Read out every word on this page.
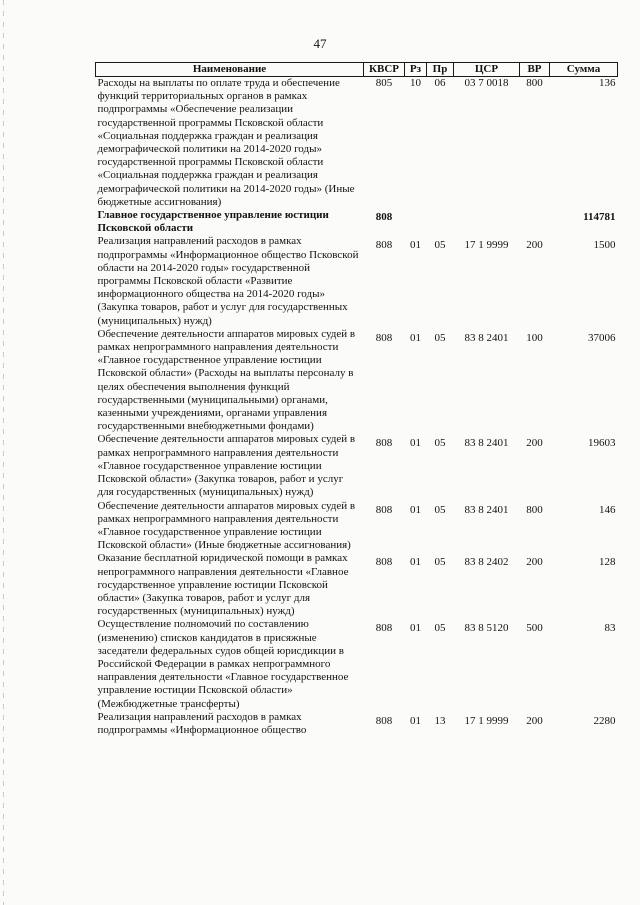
47
Наименование	КВСР	Рз	Пр	ЦСР	ВР	Сумма
Расходы на выплаты по оплате труда и обеспечение функций территориальных органов в рамках подпрограммы «Обеспечение реализации государственной программы Псковской области «Социальная поддержка граждан и реализация демографической политики на 2014-2020 годы» государственной программы Псковской области «Социальная поддержка граждан и реализация демографической политики на 2014-2020 годы» (Иные бюджетные ассигнования)	805	10	06	03 7 0018	800	136
Главное государственное управление юстиции Псковской области	808					114781
Реализация направлений расходов в рамках подпрограммы «Информационное общество Псковской области на 2014-2020 годы» государственной программы Псковской области «Развитие информационного общества на 2014-2020 годы» (Закупка товаров, работ и услуг для государственных (муниципальных) нужд)	808	01	05	17 1 9999	200	1500
Обеспечение деятельности аппаратов мировых судей в рамках непрограммного направления деятельности «Главное государственное управление юстиции Псковской области» (Расходы на выплаты персоналу в целях обеспечения выполнения функций государственными (муниципальными) органами, казенными учреждениями, органами управления государственными внебюджетными фондами)	808	01	05	83 8 2401	100	37006
Обеспечение деятельности аппаратов мировых судей в рамках непрограммного направления деятельности «Главное государственное управление юстиции Псковской области» (Закупка товаров, работ и услуг для государственных (муниципальных) нужд)	808	01	05	83 8 2401	200	19603
Обеспечение деятельности аппаратов мировых судей в рамках непрограммного направления деятельности «Главное государственное управление юстиции Псковской области» (Иные бюджетные ассигнования)	808	01	05	83 8 2401	800	146
Оказание бесплатной юридической помощи в рамках непрограммного направления деятельности «Главное государственное управление юстиции Псковской области» (Закупка товаров, работ и услуг для государственных (муниципальных) нужд)	808	01	05	83 8 2402	200	128
Осуществление полномочий по составлению (изменению) списков кандидатов в присяжные заседатели федеральных судов общей юрисдикции в Российской Федерации в рамках непрограммного направления деятельности «Главное государственное управление юстиции Псковской области» (Межбюджетные трансферты)	808	01	05	83 8 5120	500	83
Реализация направлений расходов в рамках подпрограммы «Информационное общество	808	01	13	17 1 9999	200	2280
